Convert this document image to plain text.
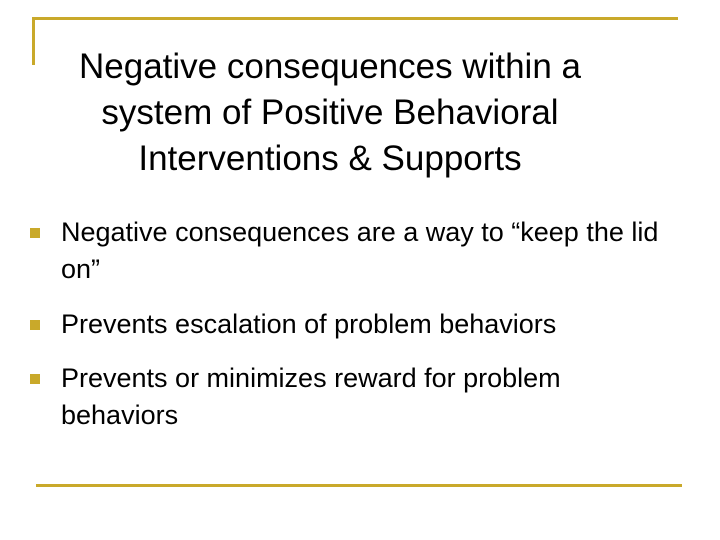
Negative consequences within a system of Positive Behavioral Interventions & Supports
Negative consequences are a way to “keep the lid on”
Prevents escalation of problem behaviors
Prevents or minimizes reward for problem behaviors
